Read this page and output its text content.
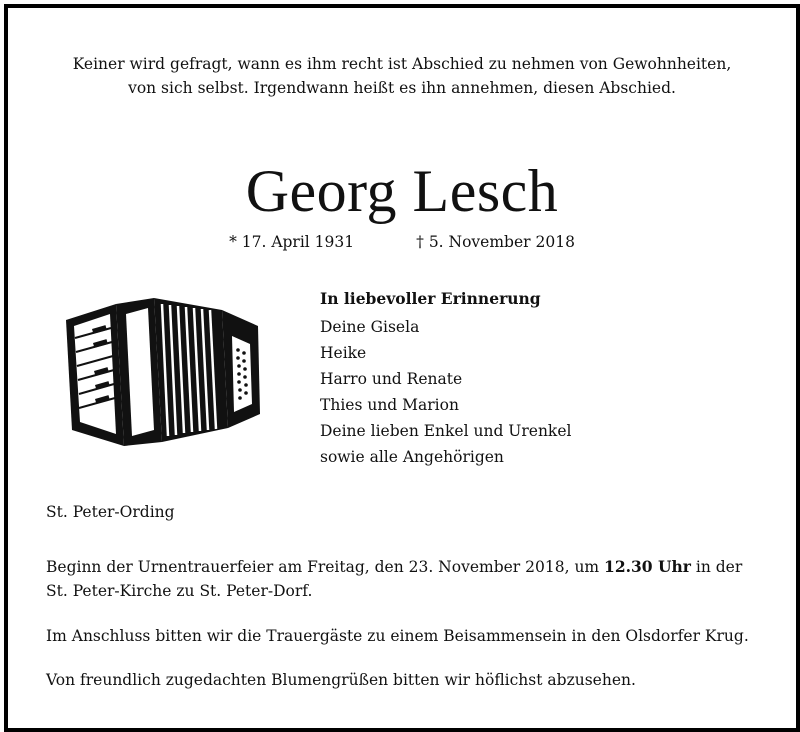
Keiner wird gefragt, wann es ihm recht ist Abschied zu nehmen von Gewohnheiten,
von sich selbst. Irgendwann heißt es ihn annehmen, diesen Abschied.
Georg Lesch
* 17. April 1931	† 5. November 2018
In liebevoller Erinnerung
Deine Gisela
Heike
Harro und Renate
Thies und Marion
Deine lieben Enkel und Urenkel
sowie alle Angehörigen
St. Peter-Ording
Beginn der Urnentrauerfeier am Freitag, den 23. November 2018, um 12.30 Uhr in der
St. Peter-Kirche zu St. Peter-Dorf.
Im Anschluss bitten wir die Trauergäste zu einem Beisammensein in den Olsdorfer Krug.
Von freundlich zugedachten Blumengrüßen bitten wir höflichst abzusehen.
